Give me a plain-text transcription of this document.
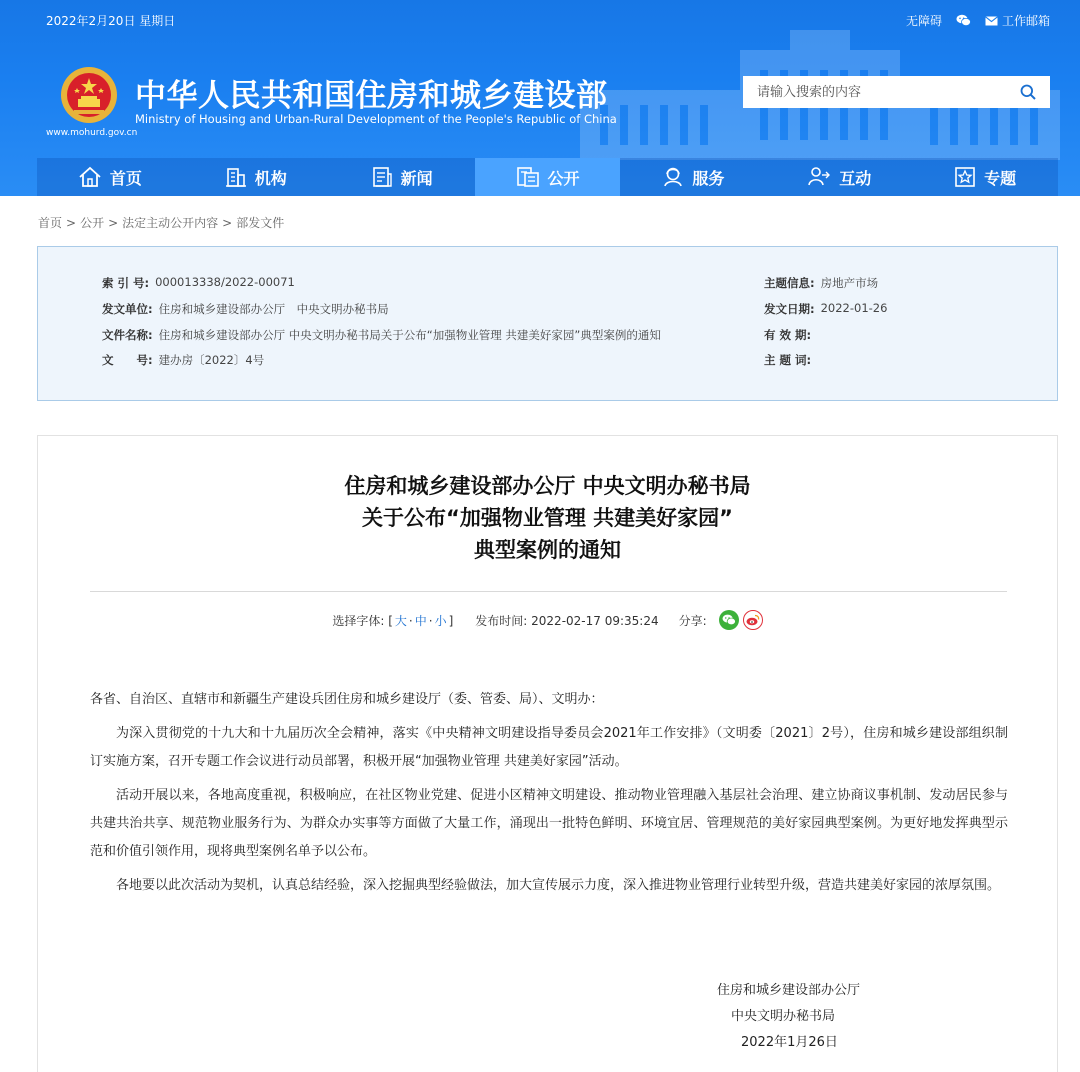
2022年2月20日 星期日	无障碍	工作邮箱
www.mohurd.gov.cn
中华人民共和国住房和城乡建设部
Ministry of Housing and Urban-Rural Development of the People's Republic of China
请输入搜索的内容
首页	机构	新闻	公开	服务	互动	专题
首页 > 公开 > 法定主动公开内容 > 部发文件
索 引 号: 000013338/2022-00071
发文单位: 住房和城乡建设部办公厅　中央文明办秘书局
文件名称: 住房和城乡建设部办公厅 中央文明办秘书局关于公布“加强物业管理 共建美好家园”典型案例的通知
文　　号: 建办房〔2022〕4号
主题信息: 房地产市场
发文日期: 2022-01-26
有 效 期:
主 题 词:
住房和城乡建设部办公厅 中央文明办秘书局
关于公布“加强物业管理 共建美好家园”
典型案例的通知
选择字体: [ 大 · 中 · 小 ] 发布时间: 2022-02-17 09:35:24 分享:

各省、自治区、直辖市和新疆生产建设兵团住房和城乡建设厅（委、管委、局）、文明办：

为深入贯彻党的十九大和十九届历次全会精神，落实《中央精神文明建设指导委员会2021年工作安排》（文明委〔2021〕2号），住房和城乡建设部组织制订实施方案，召开专题工作会议进行动员部署，积极开展“加强物业管理 共建美好家园”活动。

活动开展以来，各地高度重视，积极响应，在社区物业党建、促进小区精神文明建设、推动物业管理融入基层社会治理、建立协商议事机制、发动居民参与共建共治共享、规范物业服务行为、为群众办实事等方面做了大量工作，涌现出一批特色鲜明、环境宜居、管理规范的美好家园典型案例。为更好地发挥典型示范和价值引领作用，现将典型案例名单予以公布。

各地要以此次活动为契机，认真总结经验，深入挖掘典型经验做法，加大宣传展示力度，深入推进物业管理行业转型升级，营造共建美好家园的浓厚氛围。

住房和城乡建设部办公厅
中央文明办秘书局
2022年1月26日
